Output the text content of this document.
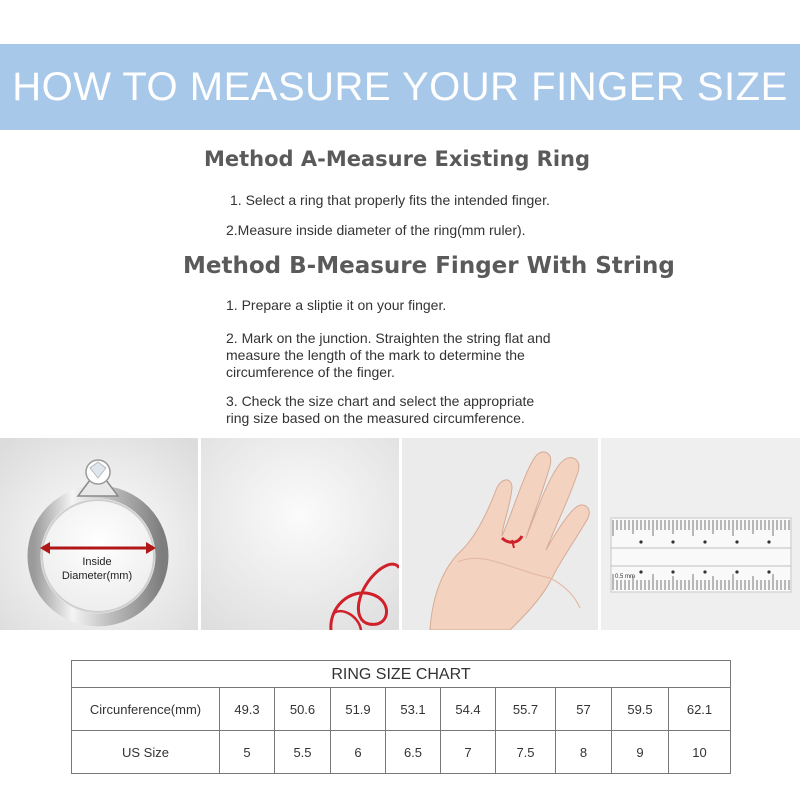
HOW TO MEASURE YOUR FINGER SIZE
Method A-Measure Existing Ring
1. Select a ring that properly fits the intended finger.
2.Measure inside diameter of the ring(mm ruler).
Method B-Measure Finger With String
1. Prepare a sliptie it on your finger.
2. Mark on the junction. Straighten the string flat and
measure the length of the mark to determine the
circumference of the finger.
3. Check the size chart and select the appropriate
ring size based on the measured circumference.
Inside
Diameter(mm)	0.5 mm
RING SIZE CHART
Circunference(mm)	49.3	50.6	51.9	53.1	54.4	55.7	57	59.5	62.1
US Size	5	5.5	6	6.5	7	7.5	8	9	10
